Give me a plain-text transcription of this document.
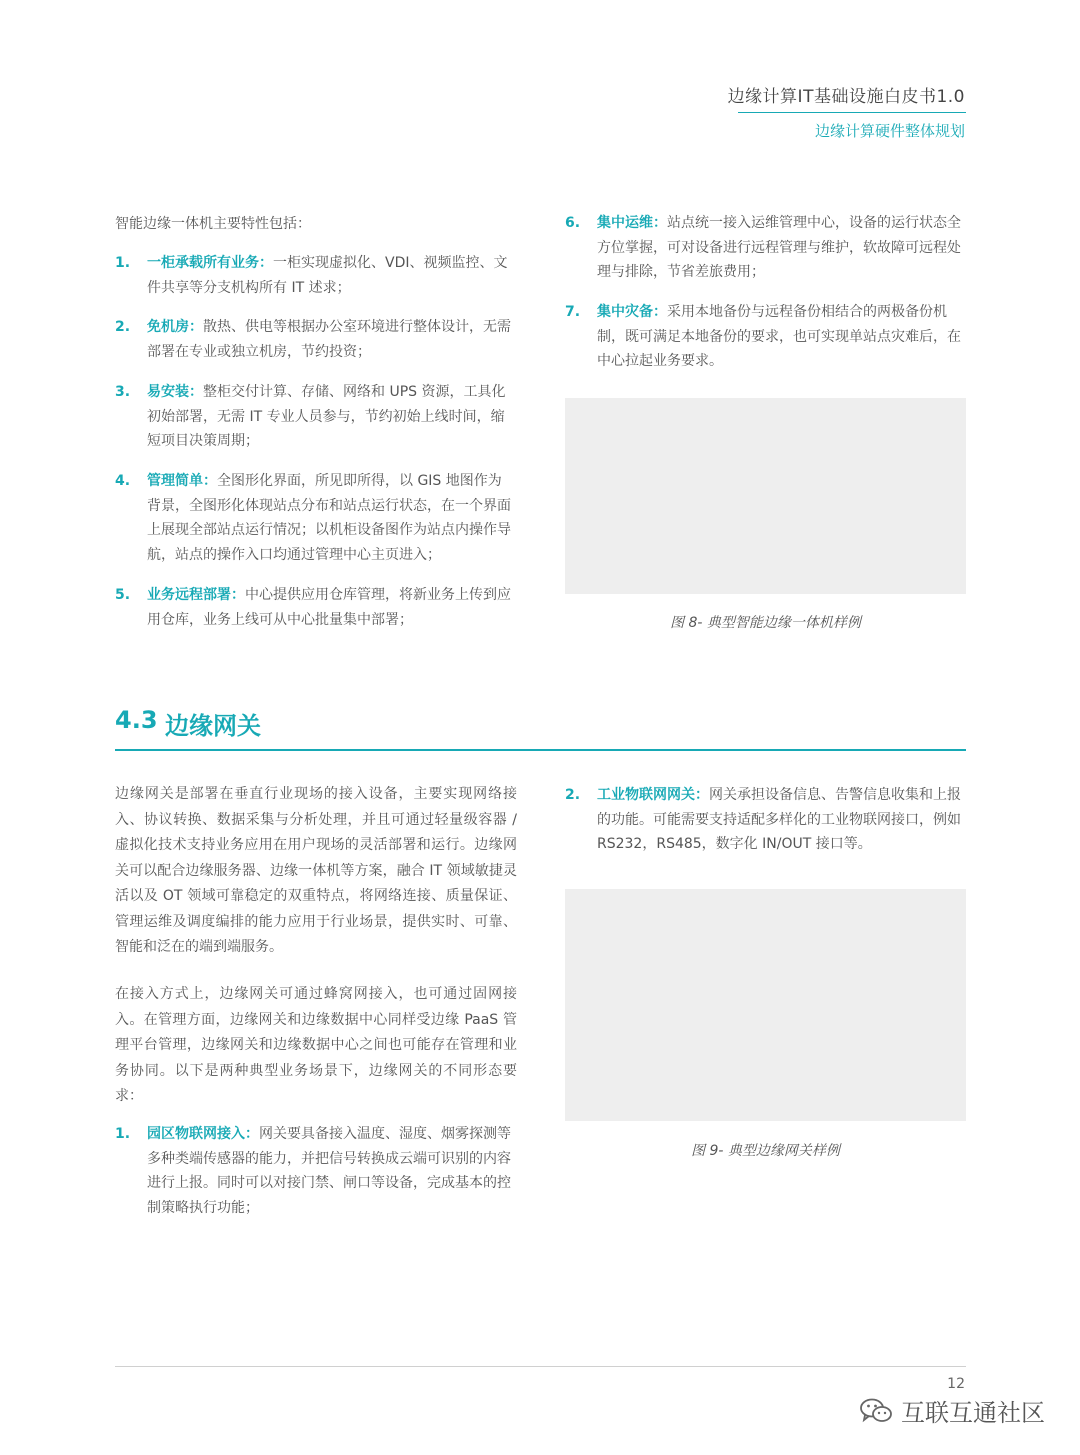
边缘计算IT基础设施白皮书1.0
边缘计算硬件整体规划
智能边缘一体机主要特性包括：
1. 一柜承载所有业务：一柜实现虚拟化、VDI、视频监控、文件共享等分支机构所有 IT 述求；
2. 免机房：散热、供电等根据办公室环境进行整体设计，无需部署在专业或独立机房，节约投资；
3. 易安装：整柜交付计算、存储、网络和 UPS 资源，工具化初始部署，无需 IT 专业人员参与，节约初始上线时间，缩短项目决策周期；
4. 管理简单：全图形化界面，所见即所得，以 GIS 地图作为背景，全图形化体现站点分布和站点运行状态，在一个界面上展现全部站点运行情况；以机柜设备图作为站点内操作导航，站点的操作入口均通过管理中心主页进入；
5. 业务远程部署：中心提供应用仓库管理，将新业务上传到应用仓库，业务上线可从中心批量集中部署；
6. 集中运维：站点统一接入运维管理中心，设备的运行状态全方位掌握，可对设备进行远程管理与维护，软故障可远程处理与排除，节省差旅费用；
7. 集中灾备：采用本地备份与远程备份相结合的两极备份机制，既可满足本地备份的要求，也可实现单站点灾难后，在中心拉起业务要求。
图 8- 典型智能边缘一体机样例
4.3 边缘网关
边缘网关是部署在垂直行业现场的接入设备，主要实现网络接入、协议转换、数据采集与分析处理，并且可通过轻量级容器 / 虚拟化技术支持业务应用在用户现场的灵活部署和运行。边缘网关可以配合边缘服务器、边缘一体机等方案，融合 IT 领域敏捷灵活以及 OT 领域可靠稳定的双重特点，将网络连接、质量保证、管理运维及调度编排的能力应用于行业场景，提供实时、可靠、智能和泛在的端到端服务。
在接入方式上，边缘网关可通过蜂窝网接入，也可通过固网接入。在管理方面，边缘网关和边缘数据中心同样受边缘 PaaS 管理平台管理，边缘网关和边缘数据中心之间也可能存在管理和业务协同。以下是两种典型业务场景下，边缘网关的不同形态要求：
1. 园区物联网接入：网关要具备接入温度、湿度、烟雾探测等多种类端传感器的能力，并把信号转换成云端可识别的内容进行上报。同时可以对接门禁、闸口等设备，完成基本的控制策略执行功能；
2. 工业物联网网关：网关承担设备信息、告警信息收集和上报的功能。可能需要支持适配多样化的工业物联网接口，例如 RS232，RS485，数字化 IN/OUT 接口等。
图 9- 典型边缘网关样例
12
互联互通社区
